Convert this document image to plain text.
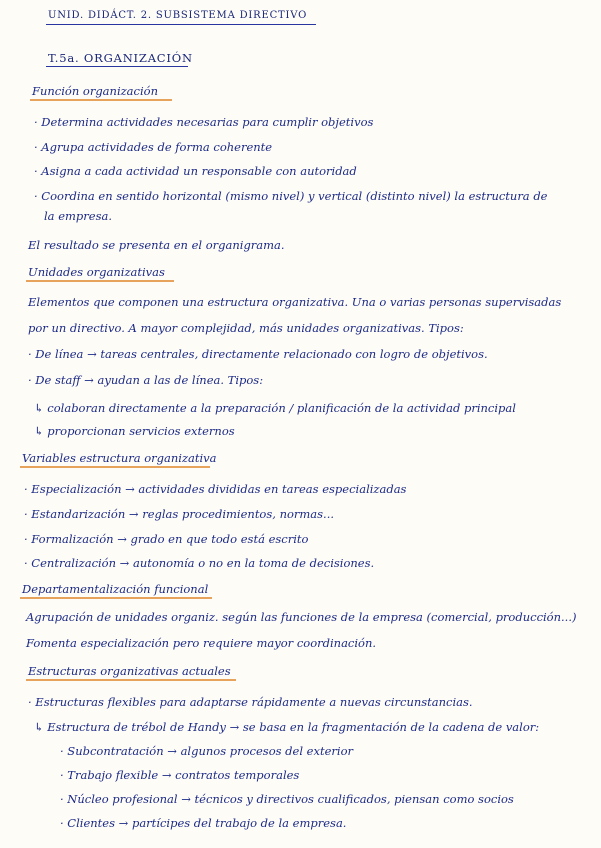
UNID. DIDÁCT. 2. SUBSISTEMA DIRECTIVO
T.5a. ORGANIZACIÓN
Función organización
· Determina actividades necesarias para cumplir objetivos
· Agrupa actividades de forma coherente
· Asigna a cada actividad un responsable con autoridad
· Coordina en sentido horizontal (mismo nivel) y vertical (distinto nivel) la estructura de
la empresa.
El resultado se presenta en el organigrama.
Unidades organizativas
Elementos que componen una estructura organizativa. Una o varias personas supervisadas
por un directivo. A mayor complejidad, más unidades organizativas. Tipos:
· De línea → tareas centrales, directamente relacionado con logro de objetivos.
· De staff → ayudan a las de línea. Tipos:
↳ colaboran directamente a la preparación / planificación de la actividad principal
↳ proporcionan servicios externos
Variables estructura organizativa
· Especialización → actividades divididas en tareas especializadas
· Estandarización → reglas procedimientos, normas...
· Formalización → grado en que todo está escrito
· Centralización → autonomía o no en la toma de decisiones.
Departamentalización funcional
Agrupación de unidades organiz. según las funciones de la empresa (comercial, producción...)
Fomenta especialización pero requiere mayor coordinación.
Estructuras organizativas actuales
· Estructuras flexibles para adaptarse rápidamente a nuevas circunstancias.
↳ Estructura de trébol de Handy → se basa en la fragmentación de la cadena de valor:
· Subcontratación → algunos procesos del exterior
· Trabajo flexible → contratos temporales
· Núcleo profesional → técnicos y directivos cualificados, piensan como socios
· Clientes → partícipes del trabajo de la empresa.
